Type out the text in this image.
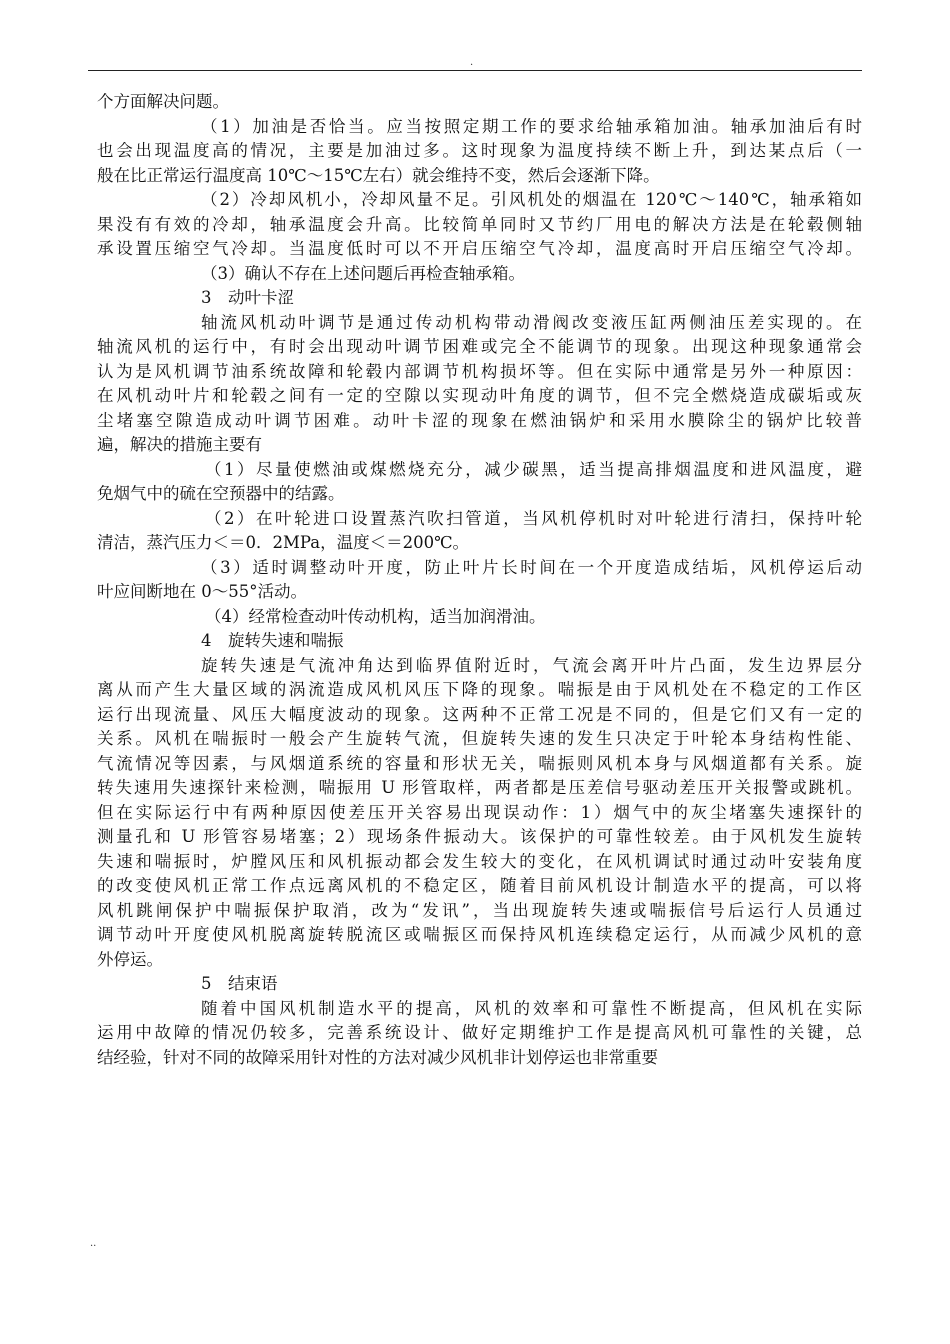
.
个方面解决问题。
（1）加油是否恰当。应当按照定期工作的要求给轴承箱加油。轴承加油后有时
也会出现温度高的情况，主要是加油过多。这时现象为温度持续不断上升，到达某点后（一
般在比正常运行温度高 10℃～15℃左右）就会维持不变，然后会逐渐下降。
（2）冷却风机小，冷却风量不足。引风机处的烟温在 120℃～140℃，轴承箱如
果没有有效的冷却，轴承温度会升高。比较简单同时又节约厂用电的解决方法是在轮毂侧轴
承设置压缩空气冷却。当温度低时可以不开启压缩空气冷却，温度高时开启压缩空气冷却。
（3）确认不存在上述问题后再检查轴承箱。
3　动叶卡涩
轴流风机动叶调节是通过传动机构带动滑阀改变液压缸两侧油压差实现的。在
轴流风机的运行中，有时会出现动叶调节困难或完全不能调节的现象。出现这种现象通常会
认为是风机调节油系统故障和轮毂内部调节机构损坏等。但在实际中通常是另外一种原因：
在风机动叶片和轮毂之间有一定的空隙以实现动叶角度的调节，但不完全燃烧造成碳垢或灰
尘堵塞空隙造成动叶调节困难。动叶卡涩的现象在燃油锅炉和采用水膜除尘的锅炉比较普
遍，解决的措施主要有
（1）尽量使燃油或煤燃烧充分，减少碳黑，适当提高排烟温度和进风温度，避
免烟气中的硫在空预器中的结露。
（2）在叶轮进口设置蒸汽吹扫管道，当风机停机时对叶轮进行清扫，保持叶轮
清洁，蒸汽压力＜＝0．2MPa，温度＜＝200℃。
（3）适时调整动叶开度，防止叶片长时间在一个开度造成结垢，风机停运后动
叶应间断地在 0～55°活动。
（4）经常检查动叶传动机构，适当加润滑油。
4　旋转失速和喘振
旋转失速是气流冲角达到临界值附近时，气流会离开叶片凸面，发生边界层分
离从而产生大量区域的涡流造成风机风压下降的现象。喘振是由于风机处在不稳定的工作区
运行出现流量、风压大幅度波动的现象。这两种不正常工况是不同的，但是它们又有一定的
关系。风机在喘振时一般会产生旋转气流，但旋转失速的发生只决定于叶轮本身结构性能、
气流情况等因素，与风烟道系统的容量和形状无关，喘振则风机本身与风烟道都有关系。旋
转失速用失速探针来检测，喘振用 U 形管取样，两者都是压差信号驱动差压开关报警或跳机。
但在实际运行中有两种原因使差压开关容易出现误动作：1）烟气中的灰尘堵塞失速探针的
测量孔和 U 形管容易堵塞；2）现场条件振动大。该保护的可靠性较差。由于风机发生旋转
失速和喘振时，炉膛风压和风机振动都会发生较大的变化，在风机调试时通过动叶安装角度
的改变使风机正常工作点远离风机的不稳定区，随着目前风机设计制造水平的提高，可以将
风机跳闸保护中喘振保护取消，改为“发讯”，当出现旋转失速或喘振信号后运行人员通过
调节动叶开度使风机脱离旋转脱流区或喘振区而保持风机连续稳定运行，从而减少风机的意
外停运。
5　结束语
随着中国风机制造水平的提高，风机的效率和可靠性不断提高，但风机在实际
运用中故障的情况仍较多，完善系统设计、做好定期维护工作是提高风机可靠性的关键，总
结经验，针对不同的故障采用针对性的方法对减少风机非计划停运也非常重要
..
